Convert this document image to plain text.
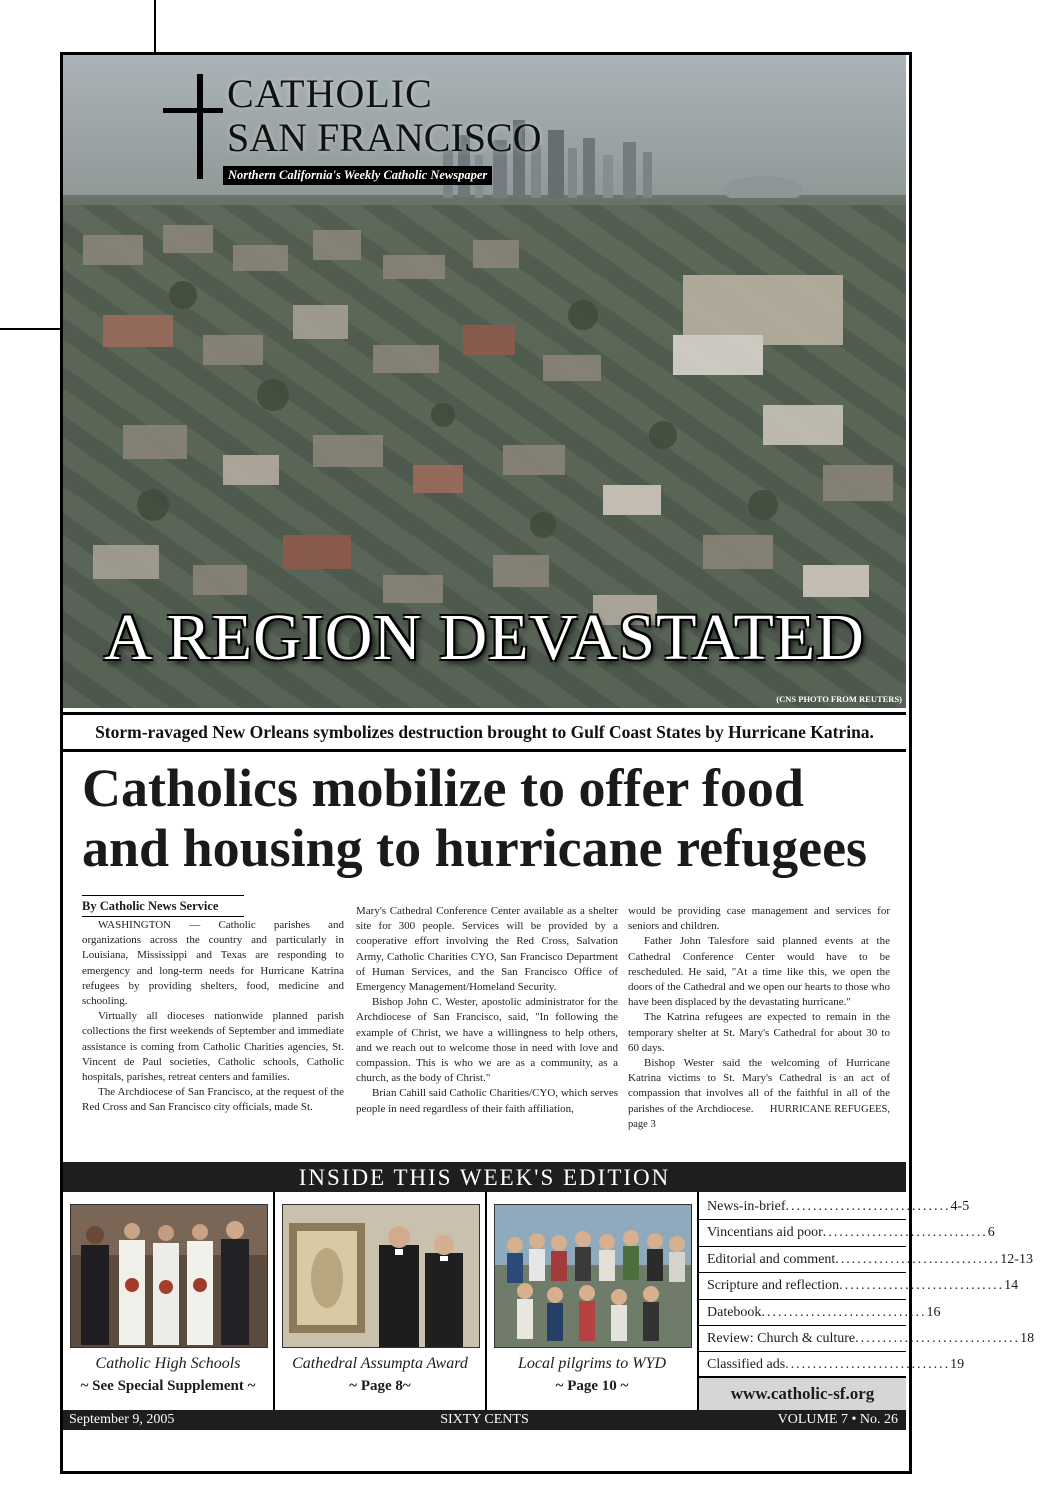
(CNS PHOTO FROM REUTERS)
CATHOLIC
SAN FRANCISCO
Northern California's Weekly Catholic Newspaper
A REGION DEVASTATED
Storm-ravaged New Orleans symbolizes destruction brought to Gulf Coast States by Hurricane Katrina.
Catholics mobilize to offer food and housing to hurricane refugees
By Catholic News Service

WASHINGTON — Catholic parishes and organizations across the country and particularly in Louisiana, Mississippi and Texas are responding to emergency and long-term needs for Hurricane Katrina refugees by providing shelters, food, medicine and schooling.

Virtually all dioceses nationwide planned parish collections the first weekends of September and immediate assistance is coming from Catholic Charities agencies, St. Vincent de Paul societies, Catholic schools, Catholic hospitals, parishes, retreat centers and families.

The Archdiocese of San Francisco, at the request of the Red Cross and San Francisco city officials, made St.

Mary's Cathedral Conference Center available as a shelter site for 300 people. Services will be provided by a cooperative effort involving the Red Cross, Salvation Army, Catholic Charities CYO, San Francisco Department of Human Services, and the San Francisco Office of Emergency Management/Homeland Security.

Bishop John C. Wester, apostolic administrator for the Archdiocese of San Francisco, said, "In following the example of Christ, we have a willingness to help others, and we reach out to welcome those in need with love and compassion. This is who we are as a community, as a church, as the body of Christ."

Brian Cahill said Catholic Charities/CYO, which serves people in need regardless of their faith affiliation,

would be providing case management and services for seniors and children.

Father John Talesfore said planned events at the Cathedral Conference Center would have to be rescheduled. He said, "At a time like this, we open the doors of the Cathedral and we open our hearts to those who have been displaced by the devastating hurricane."

The Katrina refugees are expected to remain in the temporary shelter at St. Mary's Cathedral for about 30 to 60 days.

Bishop Wester said the welcoming of Hurricane Katrina victims to St. Mary's Cathedral is an act of compassion that involves all of the faithful in all of the parishes of the Archdiocese. HURRICANE REFUGEES, page 3

INSIDE THIS WEEK'S EDITION
Catholic High Schools
~ See Special Supplement ~
Cathedral Assumpta Award
~ Page 8~
Local pilgrims to WYD
~ Page 10 ~
News-in-brief .............................. 4-5
Vincentians aid poor .............................. 6
Editorial and comment .............................. 12-13
Scripture and reflection .............................. 14
Datebook .............................. 16
Review: Church & culture .............................. 18
Classified ads .............................. 19
www.catholic-sf.org
SIXTY CENTS
September 9, 2005	VOLUME 7 • No. 26
